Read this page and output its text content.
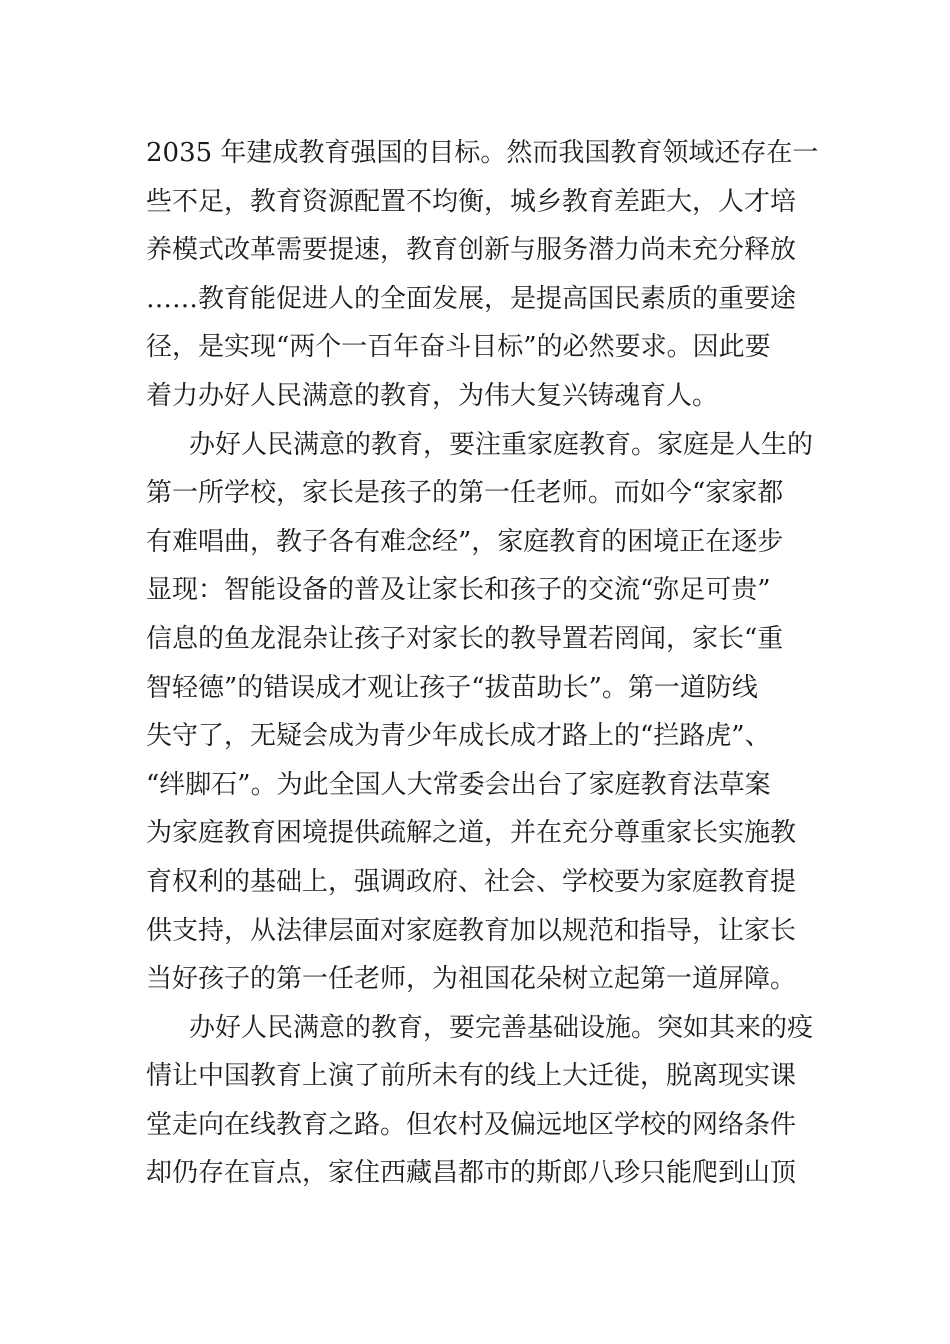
2035 年建成教育强国的目标。然而我国教育领域还存在一
些不足，教育资源配置不均衡，城乡教育差距大，人才培
养模式改革需要提速，教育创新与服务潜力尚未充分释放
……教育能促进人的全面发展，是提高国民素质的重要途
径，是实现“两个一百年奋斗目标”的必然要求。因此要
着力办好人民满意的教育，为伟大复兴铸魂育人。
办好人民满意的教育，要注重家庭教育。家庭是人生的
第一所学校，家长是孩子的第一任老师。而如今“家家都
有难唱曲，教子各有难念经”，家庭教育的困境正在逐步
显现：智能设备的普及让家长和孩子的交流“弥足可贵”
信息的鱼龙混杂让孩子对家长的教导置若罔闻，家长“重
智轻德”的错误成才观让孩子“拔苗助长”。第一道防线
失守了，无疑会成为青少年成长成才路上的“拦路虎”、
“绊脚石”。为此全国人大常委会出台了家庭教育法草案
为家庭教育困境提供疏解之道，并在充分尊重家长实施教
育权利的基础上，强调政府、社会、学校要为家庭教育提
供支持，从法律层面对家庭教育加以规范和指导，让家长
当好孩子的第一任老师，为祖国花朵树立起第一道屏障。
办好人民满意的教育，要完善基础设施。突如其来的疫
情让中国教育上演了前所未有的线上大迁徙，脱离现实课
堂走向在线教育之路。但农村及偏远地区学校的网络条件
却仍存在盲点，家住西藏昌都市的斯郎八珍只能爬到山顶
